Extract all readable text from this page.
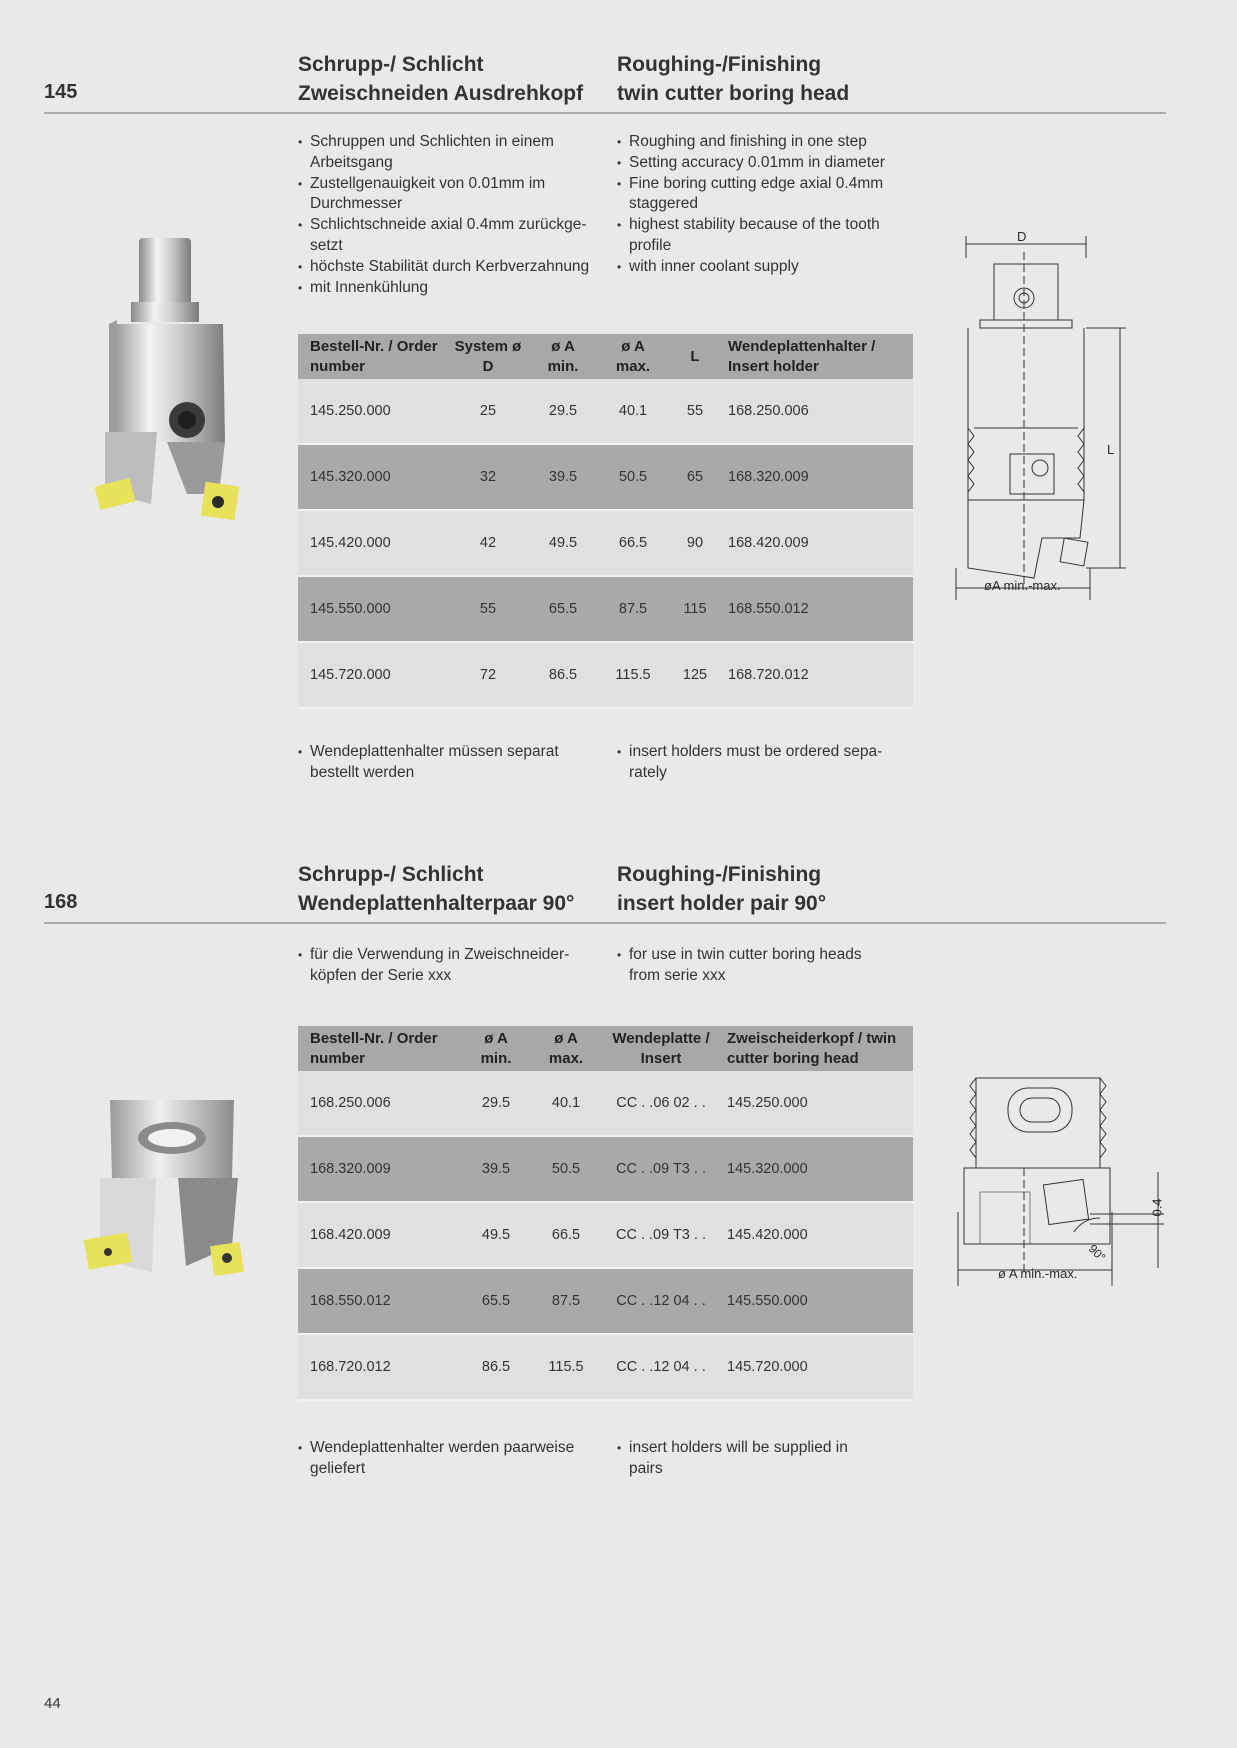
145
Schrupp-/ Schlicht
Zweischneiden Ausdrehkopf
Roughing-/Finishing
twin cutter boring head
• Schruppen und Schlichten in einem Arbeitsgang
• Zustellgenauigkeit von 0.01mm im Durchmesser
• Schlichtschneide axial 0.4mm zurückge-setzt
• höchste Stabilität durch Kerbverzahnung
• mit Innenkühlung
• Roughing and finishing in one step
• Setting accuracy 0.01mm in diameter
• Fine boring cutting edge axial 0.4mm staggered
• highest stability because of the tooth profile
• with inner coolant supply
D
L
øA min.-max.
Bestell-Nr. / Order number	System ø D	ø A min.	ø A max.	L	Wendeplattenhalter / Insert holder
145.250.000	25	29.5	40.1	55	168.250.006
145.320.000	32	39.5	50.5	65	168.320.009
145.420.000	42	49.5	66.5	90	168.420.009
145.550.000	55	65.5	87.5	115	168.550.012
145.720.000	72	86.5	115.5	125	168.720.012
• Wendeplattenhalter müssen separat bestellt werden
• insert holders must be ordered sepa-rately
168
Schrupp-/ Schlicht
Wendeplattenhalterpaar 90°
Roughing-/Finishing
insert holder pair 90°
• für die Verwendung in Zweischneider-köpfen der Serie xxx
• for use in twin cutter boring heads from serie xxx
0.4
90°
ø A min.-max.
Bestell-Nr. / Order number	ø A min.	ø A max.	Wendeplatte / Insert	Zweischeiderkopf / twin cutter boring head
168.250.006	29.5	40.1	CC . .06 02 . .	145.250.000
168.320.009	39.5	50.5	CC . .09 T3 . .	145.320.000
168.420.009	49.5	66.5	CC . .09 T3 . .	145.420.000
168.550.012	65.5	87.5	CC . .12 04 . .	145.550.000
168.720.012	86.5	115.5	CC . .12 04 . .	145.720.000
• Wendeplattenhalter werden paarweise geliefert
• insert holders will be supplied in pairs
44
